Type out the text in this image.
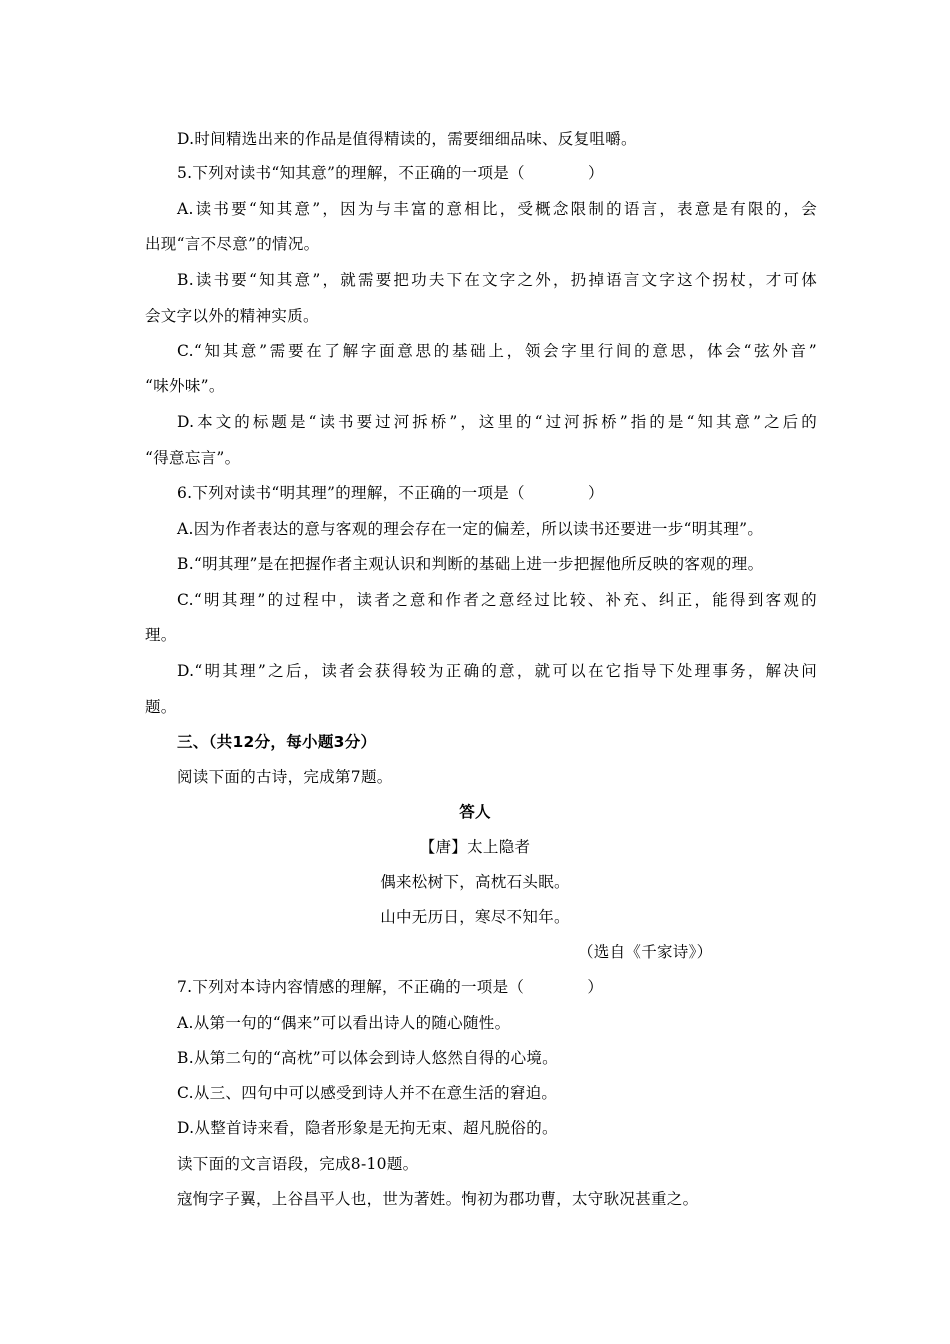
D.时间精选出来的作品是值得精读的，需要细细品味、反复咀嚼。
5.下列对读书“知其意”的理解，不正确的一项是（　　　　）
A.读书要“知其意”，因为与丰富的意相比，受概念限制的语言，表意是有限的，会
出现“言不尽意”的情况。
B.读书要“知其意”，就需要把功夫下在文字之外，扔掉语言文字这个拐杖，才可体
会文字以外的精神实质。
C.“知其意”需要在了解字面意思的基础上，领会字里行间的意思，体会“弦外音”
“味外味”。
D.本文的标题是“读书要过河拆桥”，这里的“过河拆桥”指的是“知其意”之后的
“得意忘言”。
6.下列对读书“明其理”的理解，不正确的一项是（　　　　）
A.因为作者表达的意与客观的理会存在一定的偏差，所以读书还要进一步“明其理”。
B.“明其理”是在把握作者主观认识和判断的基础上进一步把握他所反映的客观的理。
C.“明其理”的过程中，读者之意和作者之意经过比较、补充、纠正，能得到客观的
理。
D.“明其理”之后，读者会获得较为正确的意，就可以在它指导下处理事务，解决问
题。
三、（共12分，每小题3分）
阅读下面的古诗，完成第7题。
答人
【唐】太上隐者
偶来松树下，高枕石头眠。
山中无历日，寒尽不知年。
（选自《千家诗》）
7.下列对本诗内容情感的理解，不正确的一项是（　　　　）
A.从第一句的“偶来”可以看出诗人的随心随性。
B.从第二句的“高枕”可以体会到诗人悠然自得的心境。
C.从三、四句中可以感受到诗人并不在意生活的窘迫。
D.从整首诗来看，隐者形象是无拘无束、超凡脱俗的。
读下面的文言语段，完成8-10题。
寇恂字子翼，上谷昌平人也，世为著姓。恂初为郡功曹，太守耿况甚重之。
